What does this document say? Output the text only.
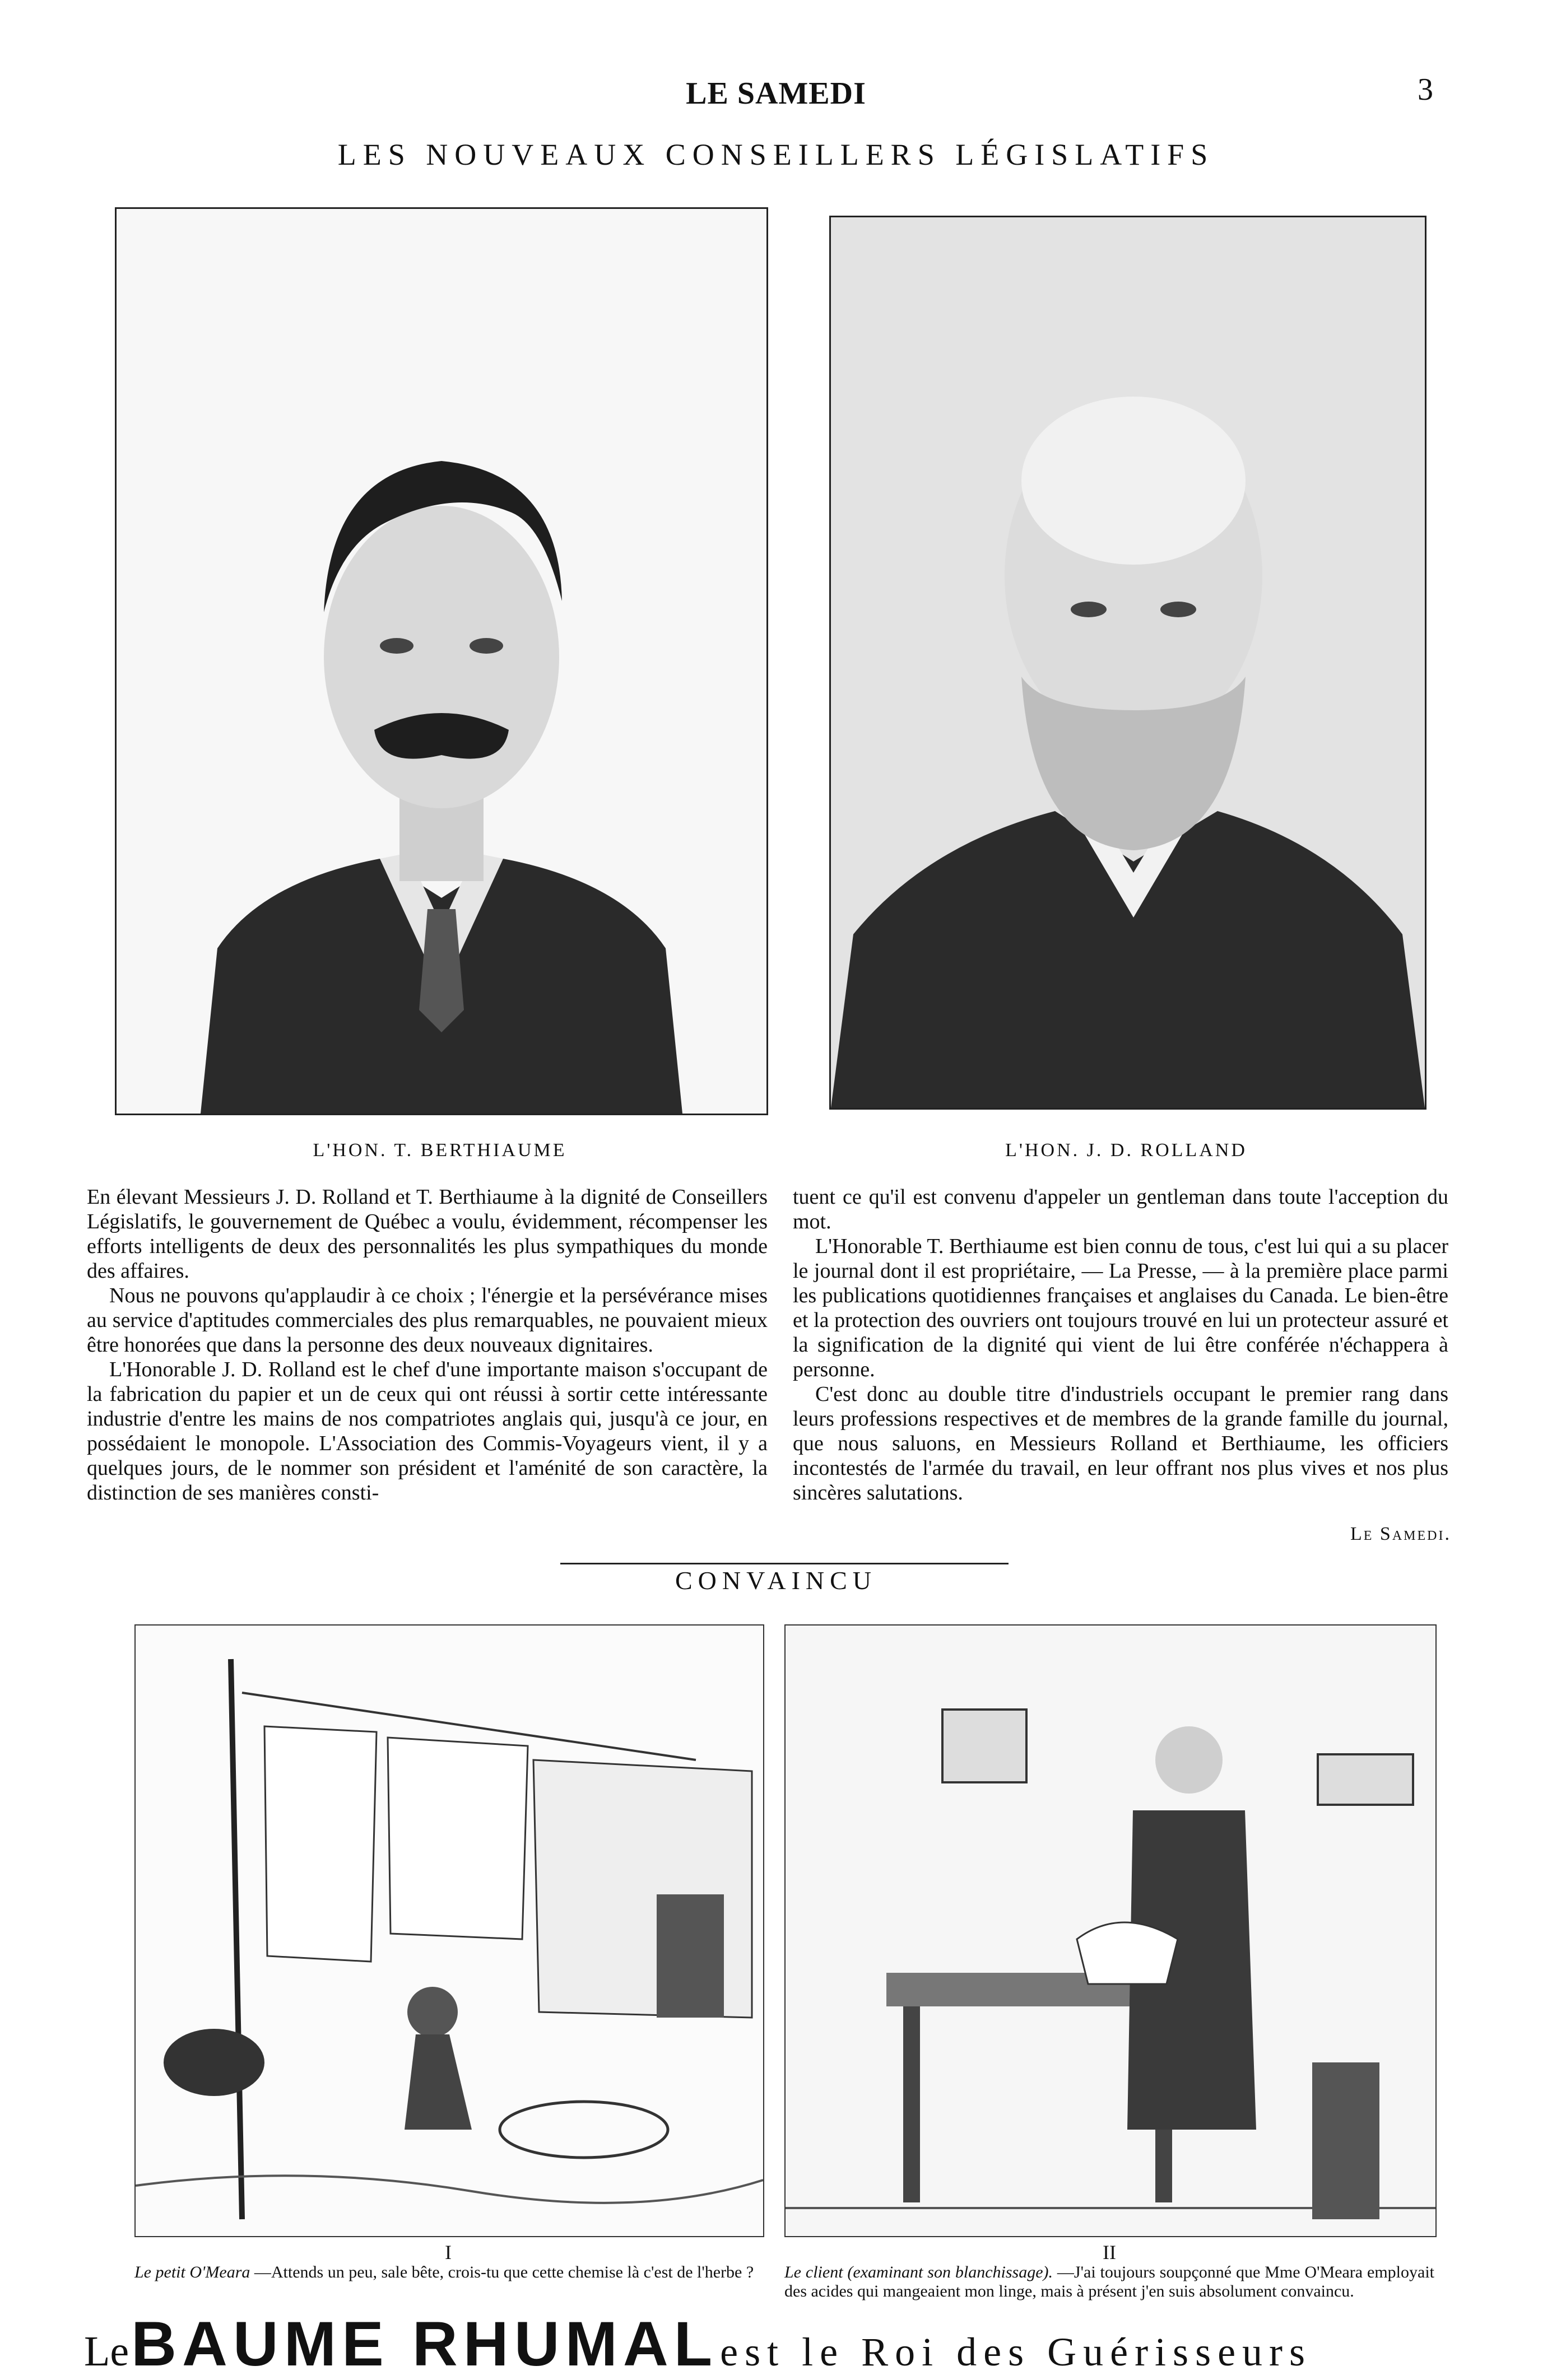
LE SAMEDI	3
LES NOUVEAUX CONSEILLERS LÉGISLATIFS
L'HON. T. BERTHIAUME	L'HON. J. D. ROLLAND

En élevant Messieurs J. D. Rolland et T. Berthiaume à la dignité de Conseillers Législatifs, le gouvernement de Québec a voulu, évidemment, récompenser les efforts intelligents de deux des personnalités les plus sympathiques du monde des affaires.

Nous ne pouvons qu'applaudir à ce choix ; l'énergie et la persévérance mises au service d'aptitudes commerciales des plus remarquables, ne pouvaient mieux être honorées que dans la personne des deux nouveaux dignitaires.

L'Honorable J. D. Rolland est le chef d'une importante maison s'occupant de la fabrication du papier et un de ceux qui ont réussi à sortir cette intéressante industrie d'entre les mains de nos compatriotes anglais qui, jusqu'à ce jour, en possédaient le monopole. L'Association des Commis-Voyageurs vient, il y a quelques jours, de le nommer son président et l'aménité de son caractère, la distinction de ses manières consti-

tuent ce qu'il est convenu d'appeler un gentleman dans toute l'acception du mot.

L'Honorable T. Berthiaume est bien connu de tous, c'est lui qui a su placer le journal dont il est propriétaire, — La Presse, — à la première place parmi les publications quotidiennes françaises et anglaises du Canada. Le bien-être et la protection des ouvriers ont toujours trouvé en lui un protecteur assuré et la signification de la dignité qui vient de lui être conférée n'échappera à personne.

C'est donc au double titre d'industriels occupant le premier rang dans leurs professions respectives et de membres de la grande famille du journal, que nous saluons, en Messieurs Rolland et Berthiaume, les officiers incontestés de l'armée du travail, en leur offrant nos plus vives et nos plus sincères salutations.

Le Samedi.
CONVAINCU
I	II
Le petit O'Meara —Attends un peu, sale bête, crois-tu que cette chemise là c'est de l'herbe ?	Le client (examinant son blanchissage). —J'ai toujours soupçonné que Mme O'Meara employait des acides qui mangeaient mon linge, mais à présent j'en suis absolument convaincu.
Le BAUME RHUMAL est le Roi des Guérisseurs
